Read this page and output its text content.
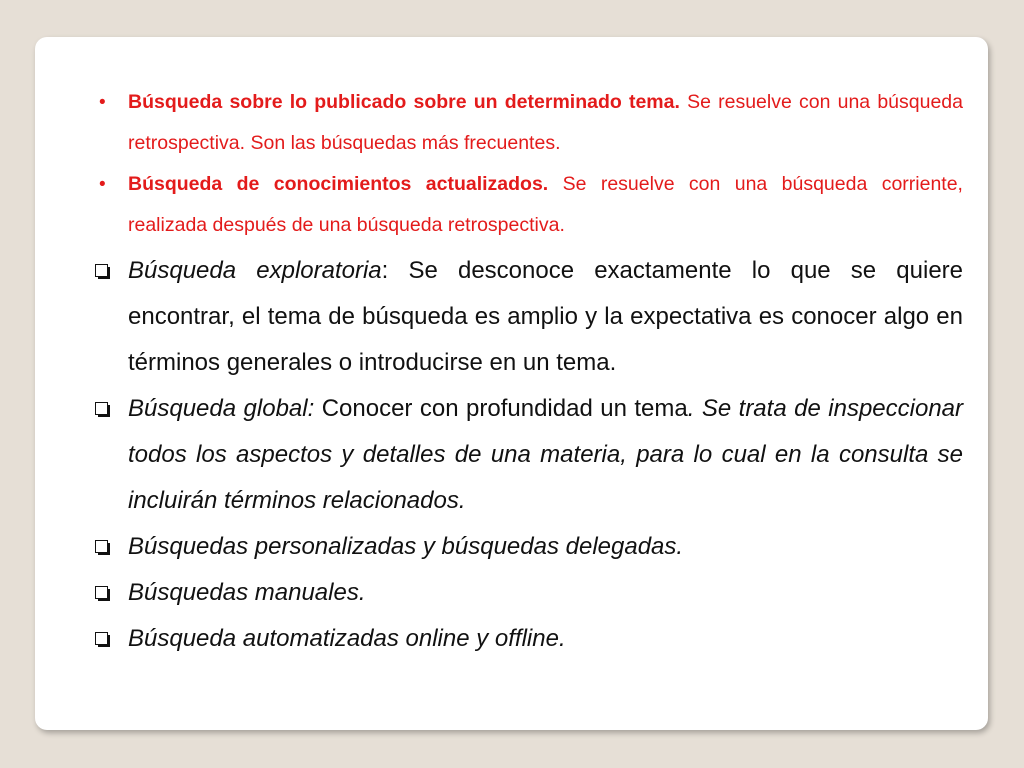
• Búsqueda sobre lo publicado sobre un determinado tema. Se resuelve con una búsqueda retrospectiva. Son las búsquedas más frecuentes.
• Búsqueda de conocimientos actualizados. Se resuelve con una búsqueda corriente, realizada después de una búsqueda retrospectiva.
Búsqueda exploratoria: Se desconoce exactamente lo que se quiere encontrar, el tema de búsqueda es amplio y la expectativa es conocer algo en términos generales o introducirse en un tema.
Búsqueda global: Conocer con profundidad un tema. Se trata de inspeccionar todos los aspectos y detalles de una materia, para lo cual en la consulta se incluirán términos relacionados.
Búsquedas personalizadas y búsquedas delegadas.
Búsquedas manuales.
Búsqueda automatizadas online y offline.
